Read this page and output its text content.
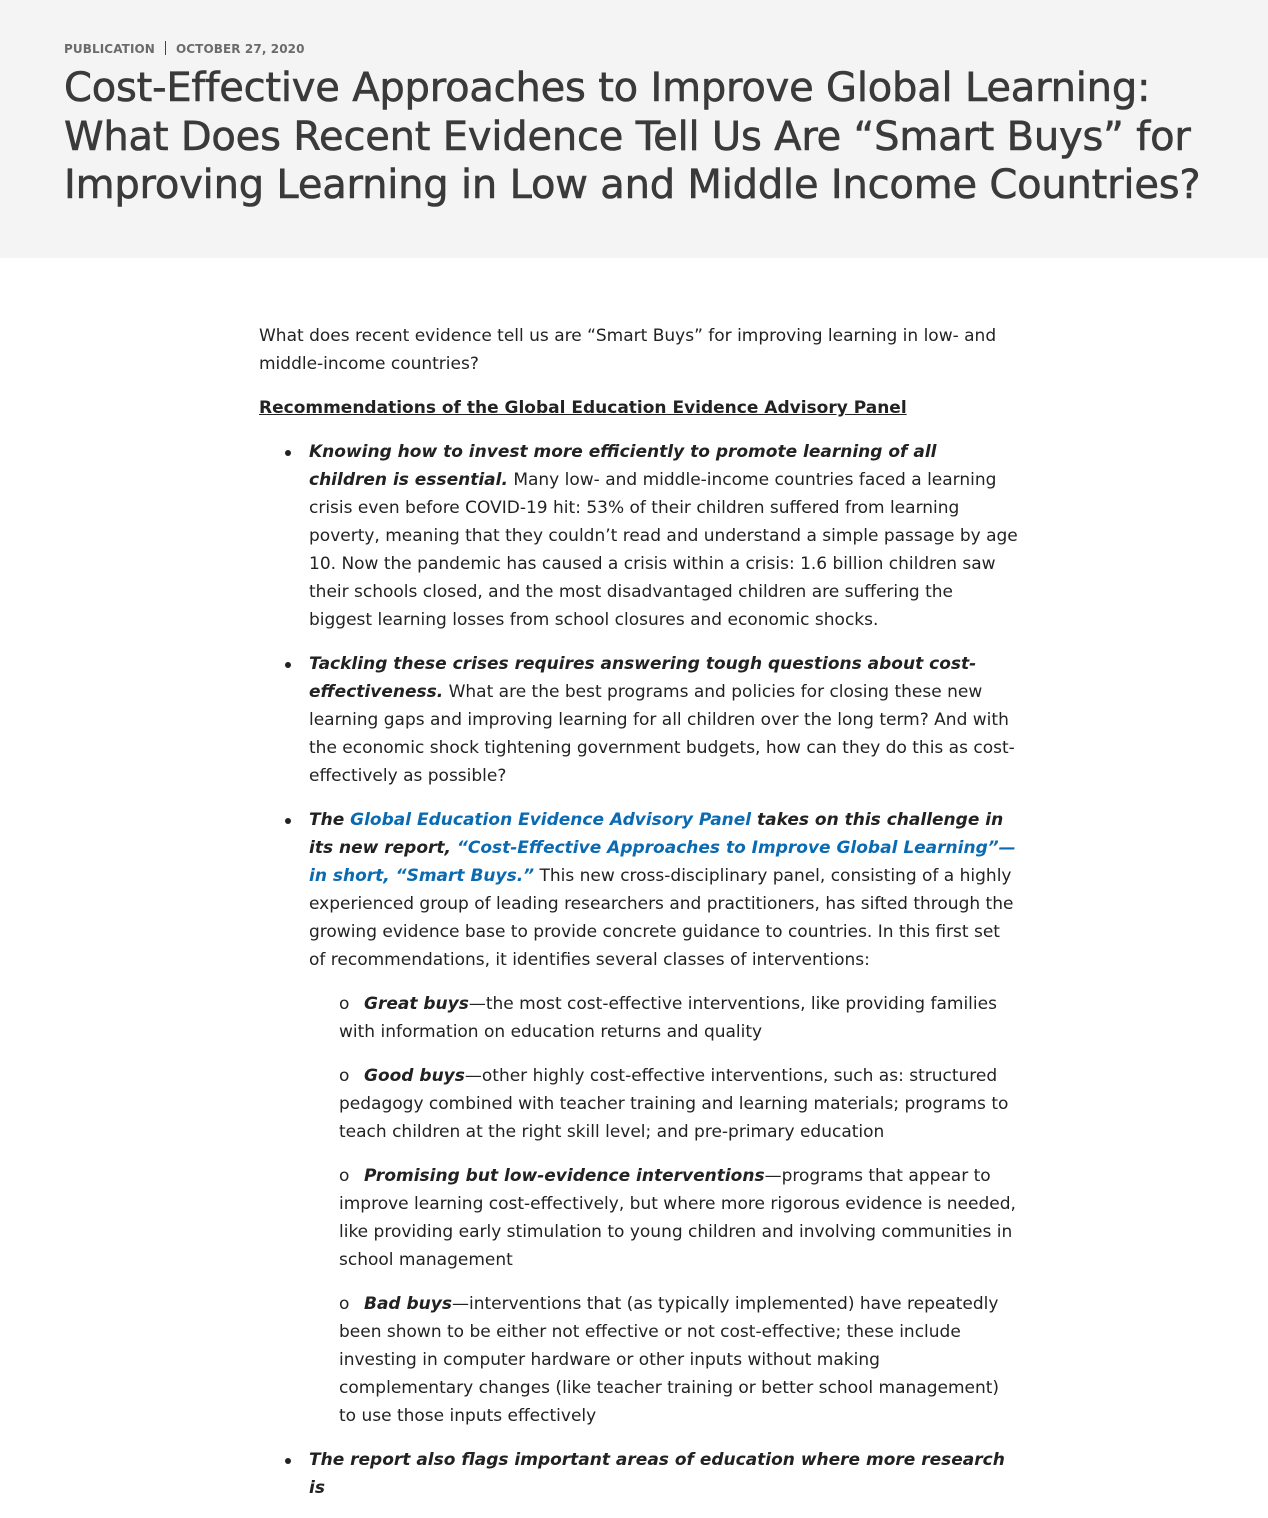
PUBLICATION OCTOBER 27, 2020
Cost-Effective Approaches to Improve Global Learning: What Does Recent Evidence Tell Us Are “Smart Buys” for Improving Learning in Low and Middle Income Countries?

What does recent evidence tell us are “Smart Buys” for improving learning in low- and middle-income countries?

Recommendations of the Global Education Evidence Advisory Panel

Knowing how to invest more efficiently to promote learning of all children is essential. Many low- and middle-income countries faced a learning crisis even before COVID-19 hit: 53% of their children suffered from learning poverty, meaning that they couldn’t read and understand a simple passage by age 10. Now the pandemic has caused a crisis within a crisis: 1.6 billion children saw their schools closed, and the most disadvantaged children are suffering the biggest learning losses from school closures and economic shocks.
Tackling these crises requires answering tough questions about cost-effectiveness. What are the best programs and policies for closing these new learning gaps and improving learning for all children over the long term? And with the economic shock tightening government budgets, how can they do this as cost-effectively as possible?
The Global Education Evidence Advisory Panel takes on this challenge in its new report, “Cost-Effective Approaches to Improve Global Learning”—in short, “Smart Buys.” This new cross-disciplinary panel, consisting of a highly experienced group of leading researchers and practitioners, has sifted through the growing evidence base to provide concrete guidance to countries. In this first set of recommendations, it identifies several classes of interventions:
o Great buys—the most cost-effective interventions, like providing families with information on education returns and quality
o Good buys—other highly cost-effective interventions, such as: structured pedagogy combined with teacher training and learning materials; programs to teach children at the right skill level; and pre-primary education
o Promising but low-evidence interventions—programs that appear to improve learning cost-effectively, but where more rigorous evidence is needed, like providing early stimulation to young children and involving communities in school management
o Bad buys—interventions that (as typically implemented) have repeatedly been shown to be either not effective or not cost-effective; these include investing in computer hardware or other inputs without making complementary changes (like teacher training or better school management) to use those inputs effectively
The report also flags important areas of education where more research is
